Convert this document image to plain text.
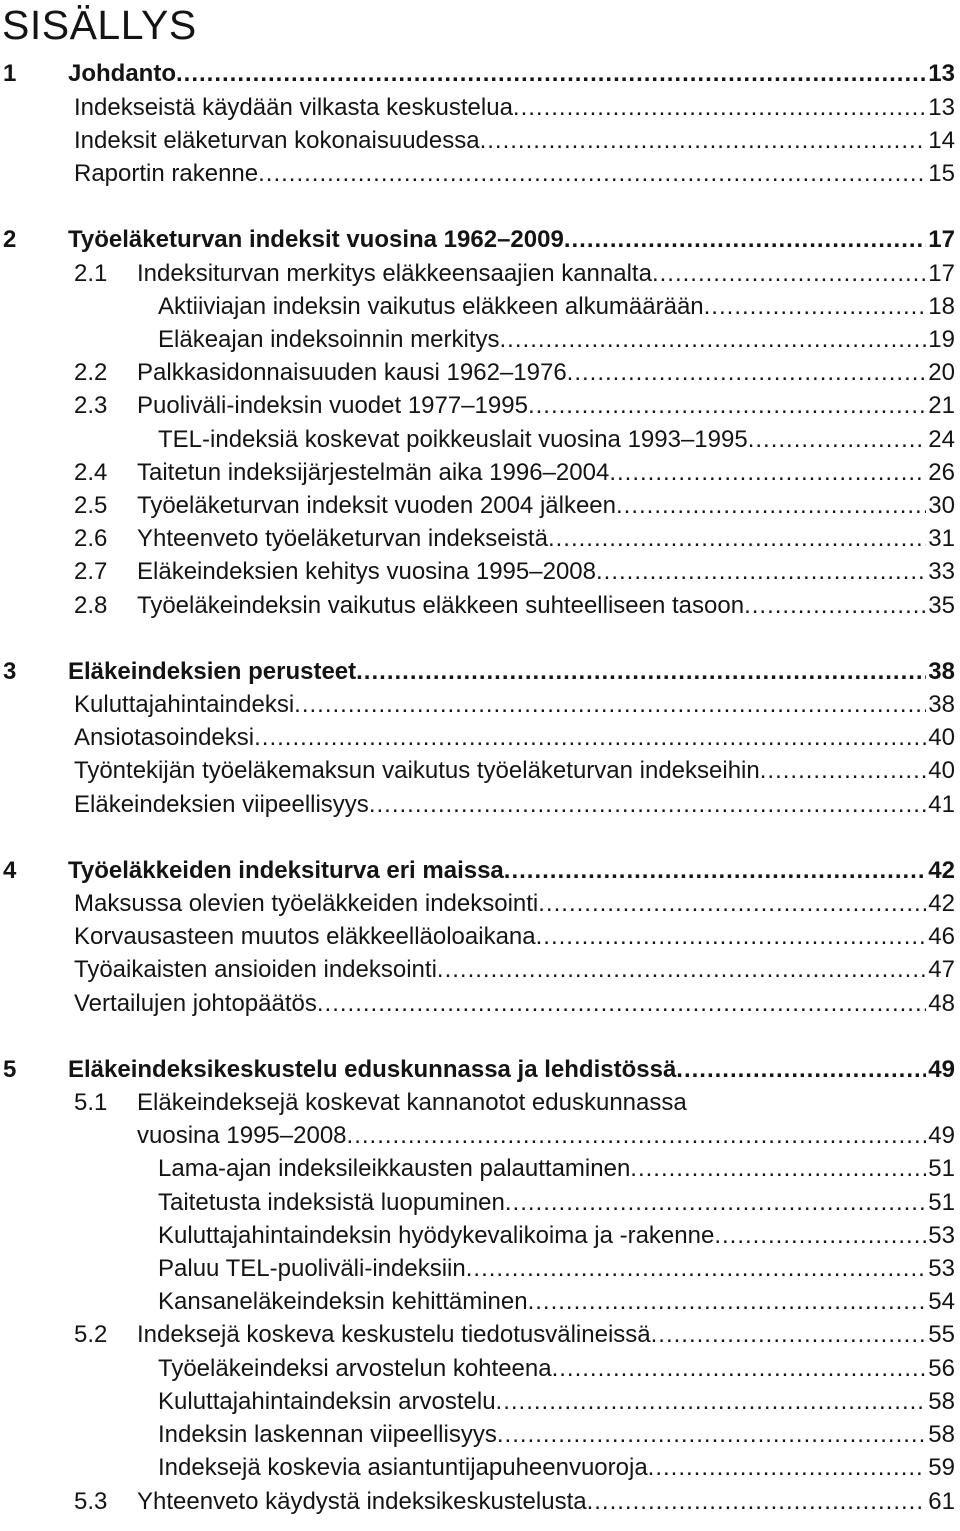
SISÄLLYS
1 Johdanto .....	13
Indekseistä käydään vilkasta keskustelua .....	13
Indeksit eläketurvan kokonaisuudessa .....	14
Raportin rakenne .....	15
2 Työeläketurvan indeksit vuosina 1962–2009 .....	17
2.1 Indeksiturvan merkitys eläkkeensaajien kannalta .....	17
Aktiiviajan indeksin vaikutus eläkkeen alkumäärään .....	18
Eläkeajan indeksoinnin merkitys .....	19
2.2 Palkkasidonnaisuuden kausi 1962–1976 .....	20
2.3 Puoliväli-indeksin vuodet 1977–1995 .....	21
TEL-indeksiä koskevat poikkeuslait vuosina 1993–1995 .....	24
2.4 Taitetun indeksijärjestelmän aika 1996–2004 .....	26
2.5 Työeläketurvan indeksit vuoden 2004 jälkeen .....	30
2.6 Yhteenveto työeläketurvan indekseistä .....	31
2.7 Eläkeindeksien kehitys vuosina 1995–2008 .....	33
2.8 Työeläkeindeksin vaikutus eläkkeen suhteelliseen tasoon .....	35
3 Eläkeindeksien perusteet .....	38
Kuluttajahintaindeksi .....	38
Ansiotasoindeksi .....	40
Työntekijän työeläkemaksun vaikutus työeläketurvan indekseihin .....	40
Eläkeindeksien viipeellisyys .....	41
4 Työeläkkeiden indeksiturva eri maissa .....	42
Maksussa olevien työeläkkeiden indeksointi .....	42
Korvausasteen muutos eläkkeelläoloaikana .....	46
Työaikaisten ansioiden indeksointi .....	47
Vertailujen johtopäätös .....	48
5 Eläkeindeksikeskustelu eduskunnassa ja lehdistössä .....	49
5.1 Eläkeindeksejä koskevat kannanotot eduskunnassa
vuosina 1995–2008 .....	49
Lama-ajan indeksileikkausten palauttaminen .....	51
Taitetusta indeksistä luopuminen .....	51
Kuluttajahintaindeksin hyödykevalikoima ja -rakenne .....	53
Paluu TEL-puoliväli-indeksiin .....	53
Kansaneläkeindeksin kehittäminen .....	54
5.2 Indeksejä koskeva keskustelu tiedotusvälineissä .....	55
Työeläkeindeksi arvostelun kohteena .....	56
Kuluttajahintaindeksin arvostelu .....	58
Indeksin laskennan viipeellisyys .....	58
Indeksejä koskevia asiantuntijapuheenvuoroja .....	59
5.3 Yhteenveto käydystä indeksikeskustelusta .....	61
